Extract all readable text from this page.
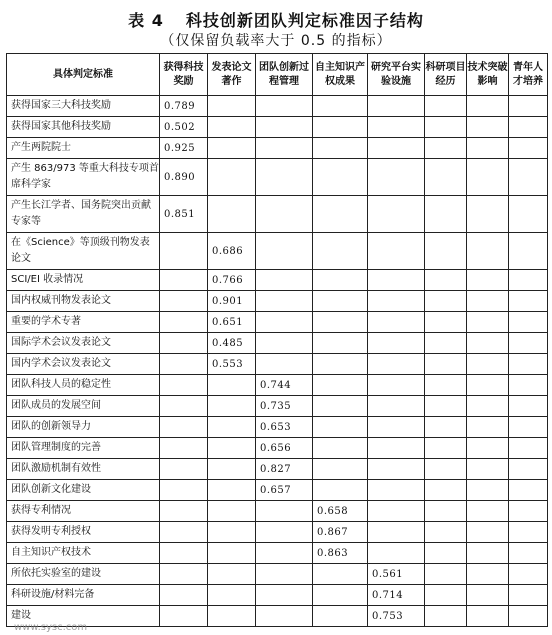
表 4 科技创新团队判定标准因子结构
（仅保留负载率大于 0.5 的指标）
具体判定标准	获得科技奖励	发表论文著作	团队创新过程管理	自主知识产权成果	研究平台实验设施	科研项目经历	技术突破影响	青年人才培养
获得国家三大科技奖励	0.789							
获得国家其他科技奖励	0.502							
产生两院院士	0.925							
产生 863/973 等重大科技专项首席科学家	0.890							
产生长江学者、国务院突出贡献专家等	0.851							
在《Science》等顶级刊物发表论文		0.686						
SCI/EI 收录情况		0.766						
国内权威刊物发表论文		0.901						
重要的学术专著		0.651						
国际学术会议发表论文		0.485						
国内学术会议发表论文		0.553						
团队科技人员的稳定性			0.744					
团队成员的发展空间			0.735					
团队的创新领导力			0.653					
团队管理制度的完善			0.656					
团队激励机制有效性			0.827					
团队创新文化建设			0.657					
获得专利情况				0.658				
获得发明专利授权				0.867				
自主知识产权技术				0.863				
所依托实验室的建设					0.561			
科研设施/材料完备					0.714			
建设					0.753			
www.sysc.com
